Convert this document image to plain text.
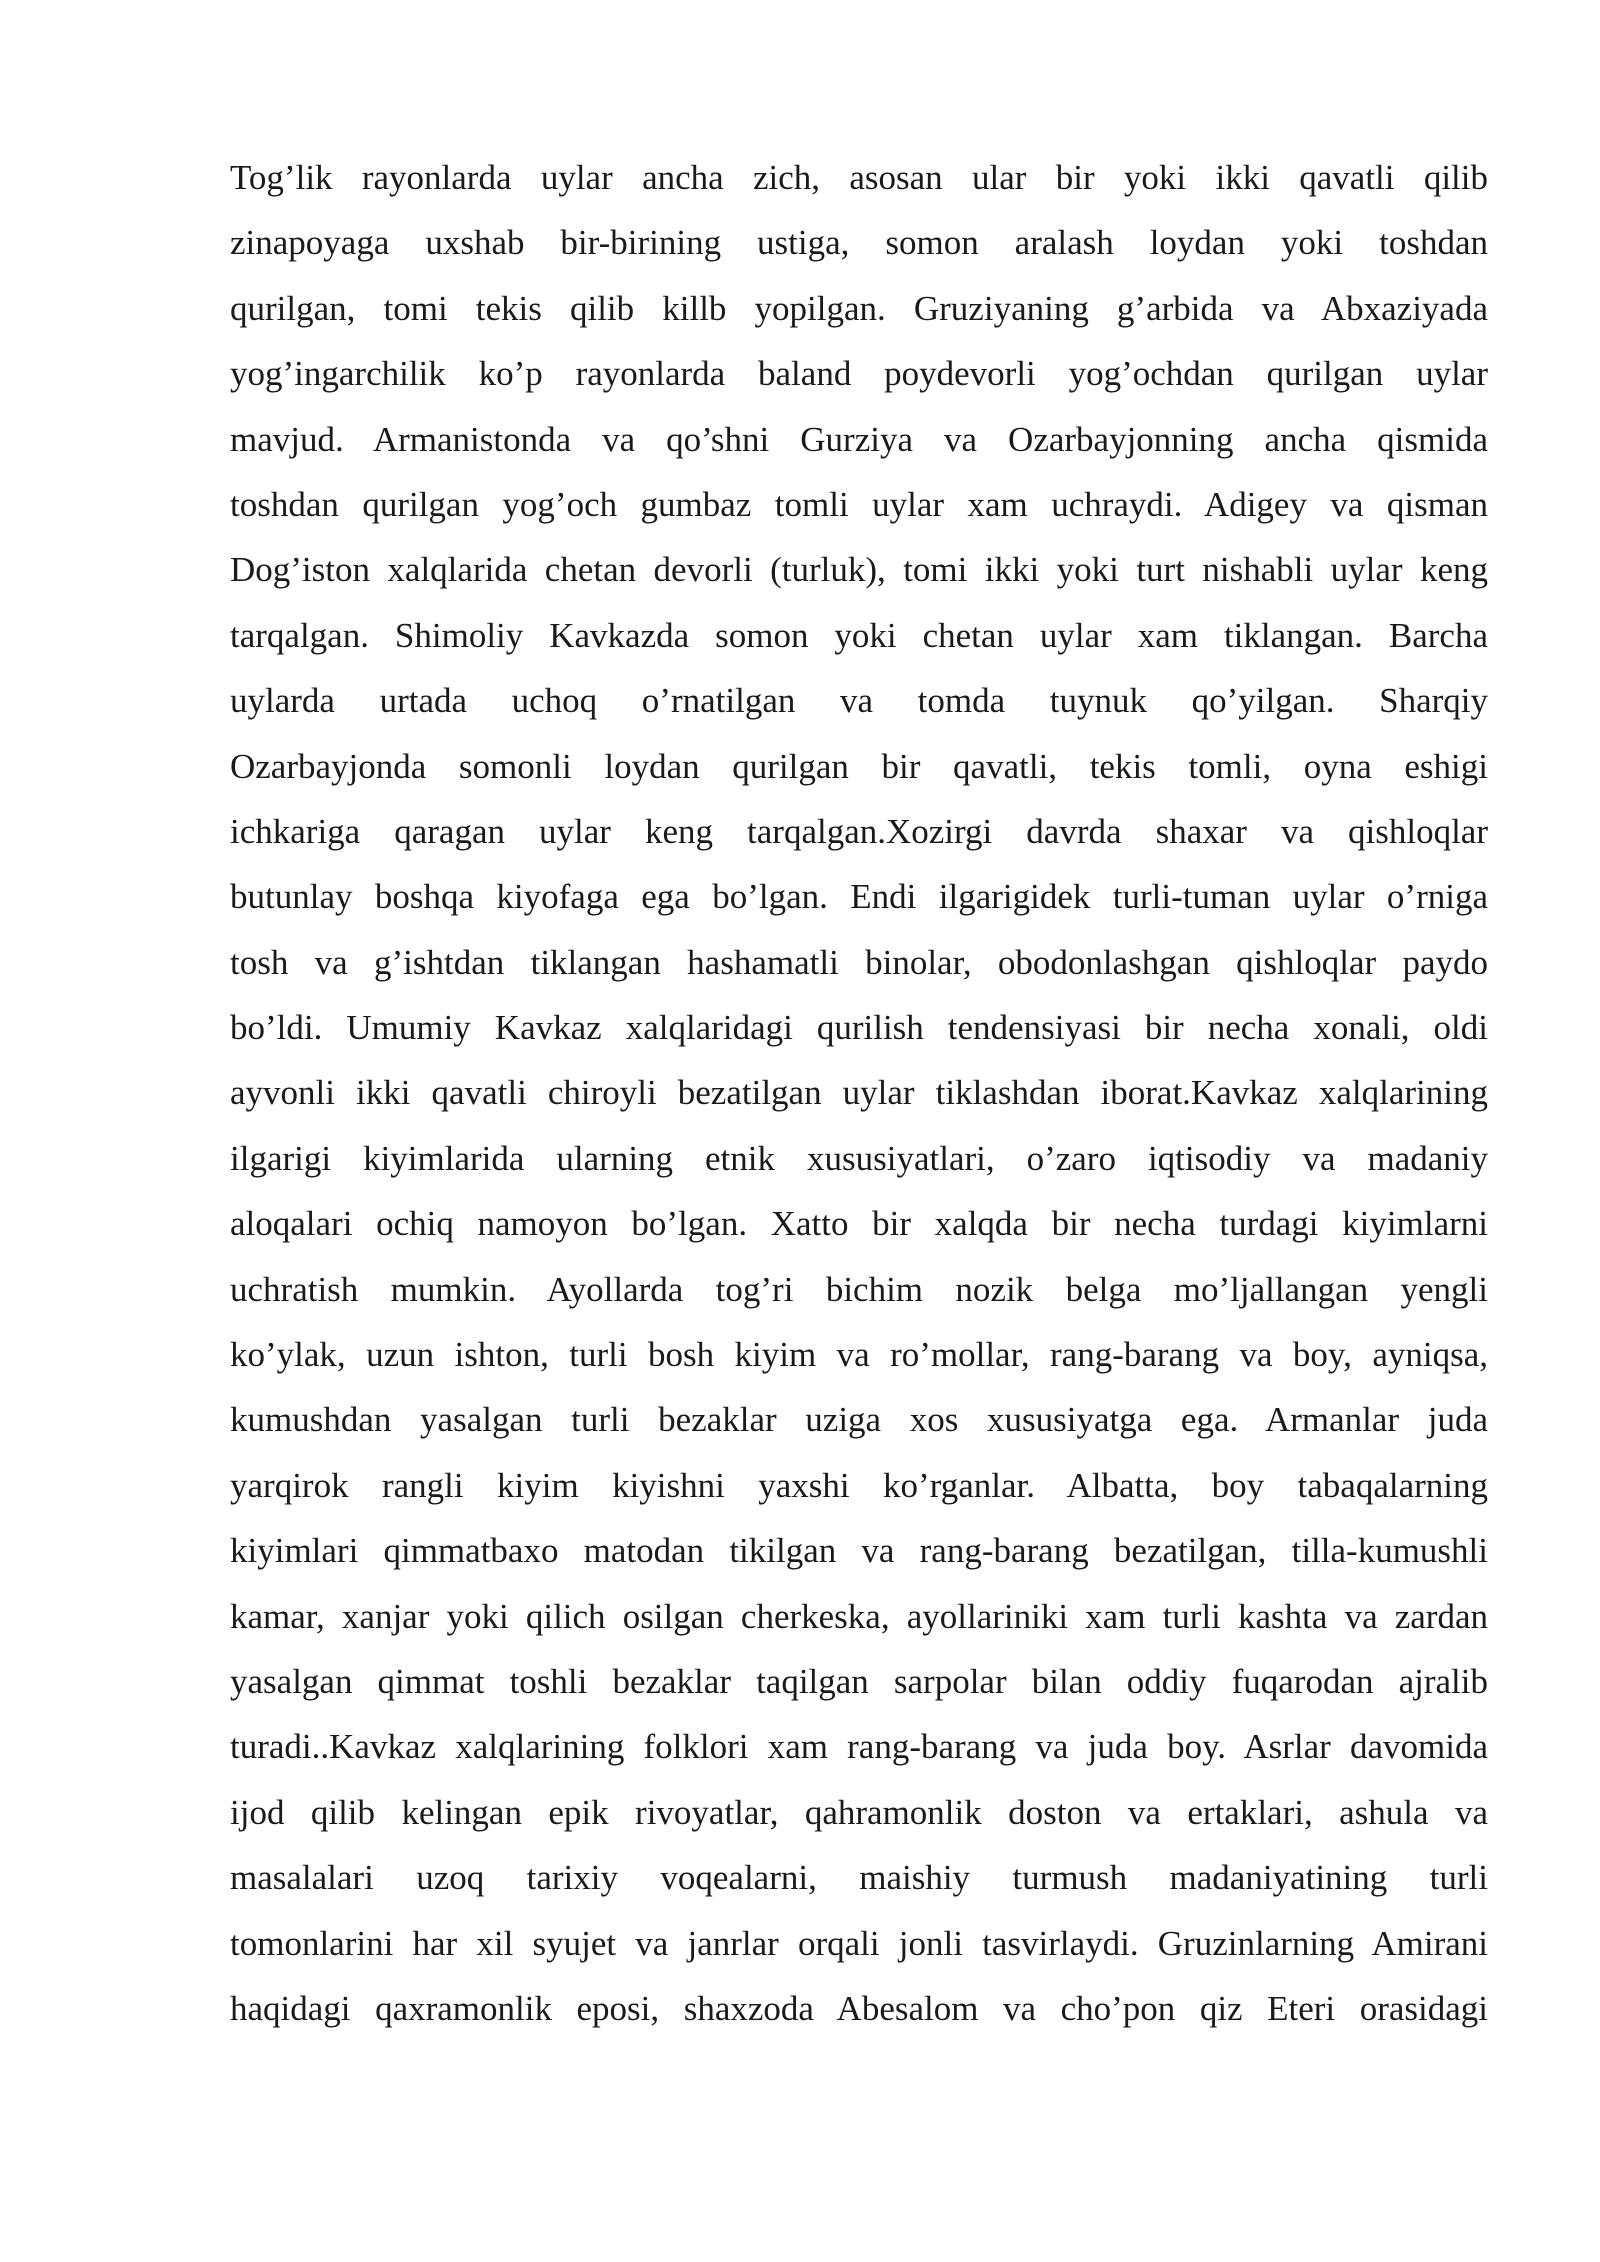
Tog’lik rayonlarda uylar ancha zich, asosan ular bir yoki ikki qavatli qilib
zinapoyaga uxshab bir-birining ustiga, somon aralash loydan yoki toshdan
qurilgan, tomi tekis qilib killb yopilgan. Gruziyaning g’arbida va Abxaziyada
yog’ingarchilik ko’p rayonlarda baland poydevorli yog’ochdan qurilgan uylar
mavjud. Armanistonda va qo’shni Gurziya va Ozarbayjonning ancha qismida
toshdan qurilgan yog’och gumbaz tomli uylar xam uchraydi. Adigey va qisman
Dog’iston xalqlarida chetan devorli (turluk), tomi ikki yoki turt nishabli uylar keng
tarqalgan. Shimoliy Kavkazda somon yoki chetan uylar xam tiklangan. Barcha
uylarda urtada uchoq o’rnatilgan va tomda tuynuk qo’yilgan. Sharqiy
Ozarbayjonda somonli loydan qurilgan bir qavatli, tekis tomli, oyna eshigi
ichkariga qaragan uylar keng tarqalgan.Xozirgi davrda shaxar va qishloqlar
butunlay boshqa kiyofaga ega bo’lgan. Endi ilgarigidek turli-tuman uylar o’rniga
tosh va g’ishtdan tiklangan hashamatli binolar, obodonlashgan qishloqlar paydo
bo’ldi. Umumiy Kavkaz xalqlaridagi qurilish tendensiyasi bir necha xonali, oldi
ayvonli ikki qavatli chiroyli bezatilgan uylar tiklashdan iborat.Kavkaz xalqlarining
ilgarigi kiyimlarida ularning etnik xususiyatlari, o’zaro iqtisodiy va madaniy
aloqalari ochiq namoyon bo’lgan. Xatto bir xalqda bir necha turdagi kiyimlarni
uchratish mumkin. Ayollarda tog’ri bichim nozik belga mo’ljallangan yengli
ko’ylak, uzun ishton, turli bosh kiyim va ro’mollar, rang-barang va boy, ayniqsa,
kumushdan yasalgan turli bezaklar uziga xos xususiyatga ega. Armanlar juda
yarqirok rangli kiyim kiyishni yaxshi ko’rganlar. Albatta, boy tabaqalarning
kiyimlari qimmatbaxo matodan tikilgan va rang-barang bezatilgan, tilla-kumushli
kamar, xanjar yoki qilich osilgan cherkeska, ayollariniki xam turli kashta va zardan
yasalgan qimmat toshli bezaklar taqilgan sarpolar bilan oddiy fuqarodan ajralib
turadi..Kavkaz xalqlarining folklori xam rang-barang va juda boy. Asrlar davomida
ijod qilib kelingan epik rivoyatlar, qahramonlik doston va ertaklari, ashula va
masalalari uzoq tarixiy voqealarni, maishiy turmush madaniyatining turli
tomonlarini har xil syujet va janrlar orqali jonli tasvirlaydi. Gruzinlarning Amirani
haqidagi qaxramonlik eposi, shaxzoda Abesalom va cho’pon qiz Eteri orasidagi
